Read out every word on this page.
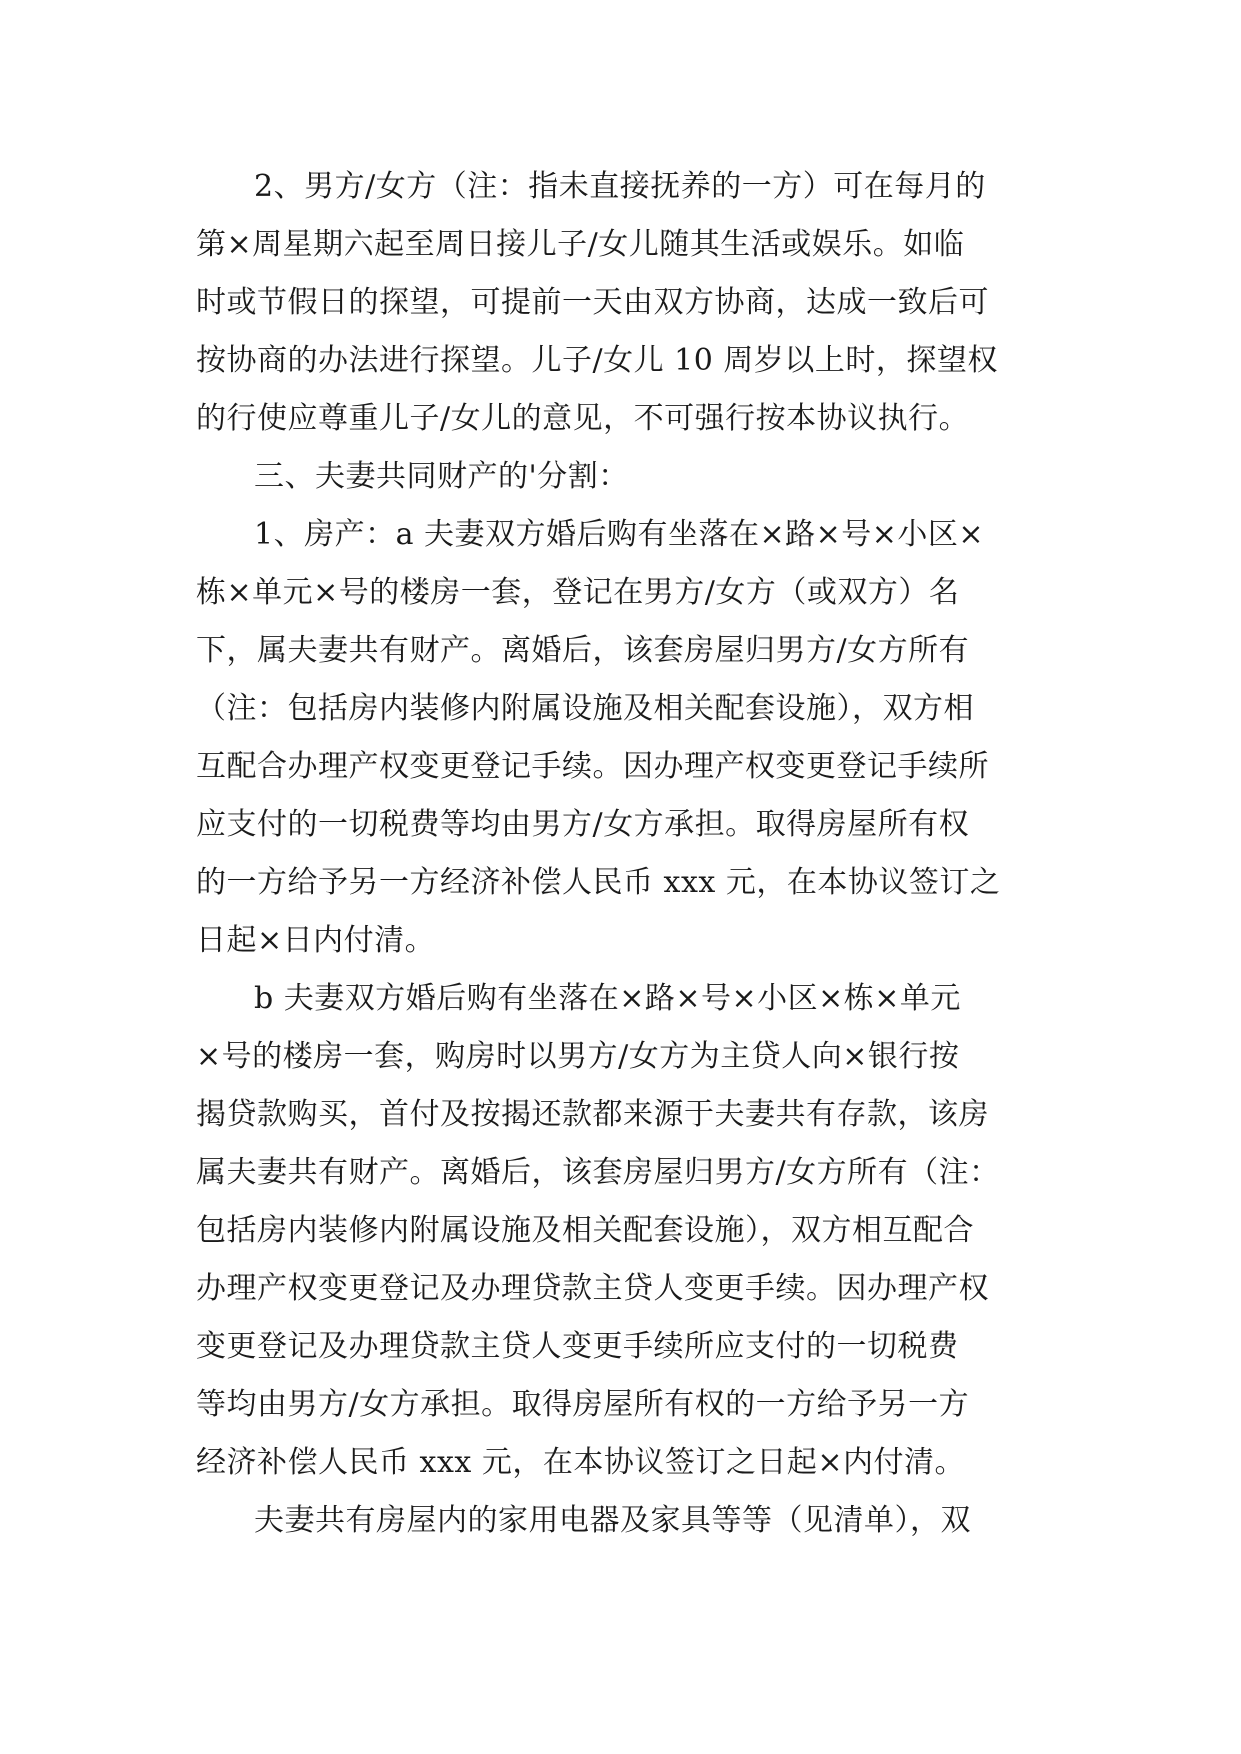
2、男方/女方（注：指未直接抚养的一方）可在每月的
第×周星期六起至周日接儿子/女儿随其生活或娱乐。如临
时或节假日的探望，可提前一天由双方协商，达成一致后可
按协商的办法进行探望。儿子/女儿 10 周岁以上时，探望权
的行使应尊重儿子/女儿的意见，不可强行按本协议执行。
三、夫妻共同财产的'分割：
1、房产：a 夫妻双方婚后购有坐落在×路×号×小区×
栋×单元×号的楼房一套，登记在男方/女方（或双方）名
下，属夫妻共有财产。离婚后，该套房屋归男方/女方所有
（注：包括房内装修内附属设施及相关配套设施），双方相
互配合办理产权变更登记手续。因办理产权变更登记手续所
应支付的一切税费等均由男方/女方承担。取得房屋所有权
的一方给予另一方经济补偿人民币 xxx 元，在本协议签订之
日起×日内付清。
b 夫妻双方婚后购有坐落在×路×号×小区×栋×单元
×号的楼房一套，购房时以男方/女方为主贷人向×银行按
揭贷款购买，首付及按揭还款都来源于夫妻共有存款，该房
属夫妻共有财产。离婚后，该套房屋归男方/女方所有（注：
包括房内装修内附属设施及相关配套设施），双方相互配合
办理产权变更登记及办理贷款主贷人变更手续。因办理产权
变更登记及办理贷款主贷人变更手续所应支付的一切税费
等均由男方/女方承担。取得房屋所有权的一方给予另一方
经济补偿人民币 xxx 元，在本协议签订之日起×内付清。
夫妻共有房屋内的家用电器及家具等等（见清单），双
